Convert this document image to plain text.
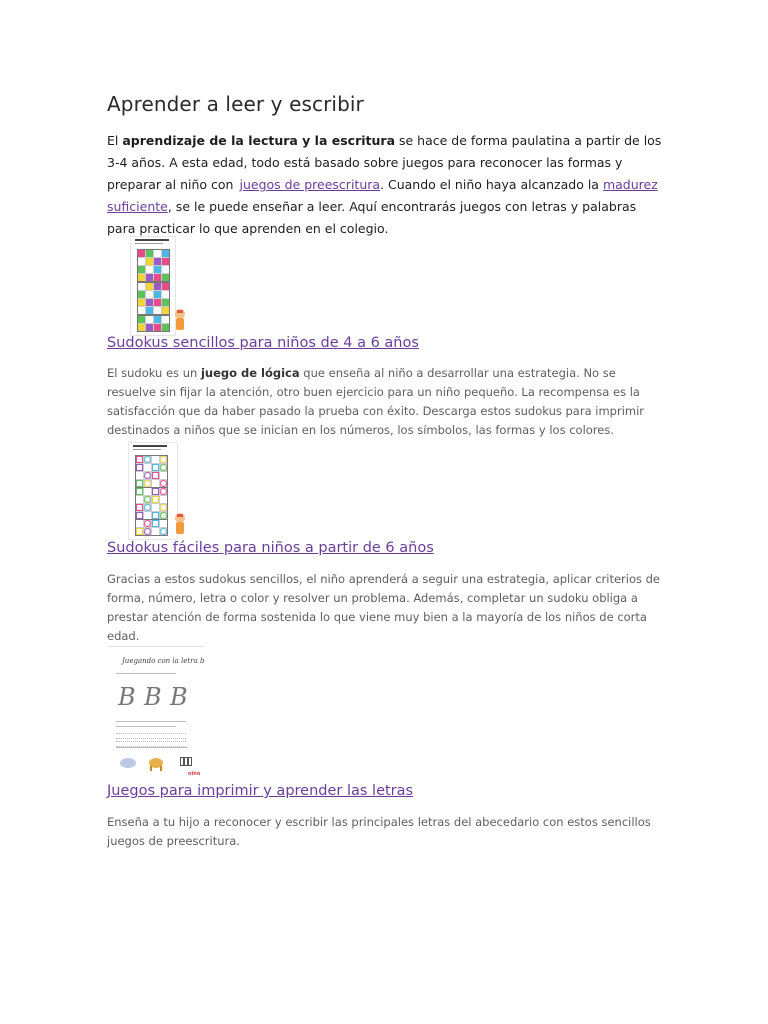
Aprender a leer y escribir

El aprendizaje de la lectura y la escritura se hace de forma paulatina a partir de los 3-4 años. A esta edad, todo está basado sobre juegos para reconocer las formas y preparar al niño con juegos de preescritura. Cuando el niño haya alcanzado la madurez suficiente, se le puede enseñar a leer. Aquí encontrarás juegos con letras y palabras para practicar lo que aprenden en el colegio.

Sudokus sencillos para niños de 4 a 6 años

El sudoku es un juego de lógica que enseña al niño a desarrollar una estrategia. No se resuelve sin fijar la atención, otro buen ejercicio para un niño pequeño. La recompensa es la satisfacción que da haber pasado la prueba con éxito. Descarga estos sudokus para imprimir destinados a niños que se inician en los números, los símbolos, las formas y los colores.

Sudokus fáciles para niños a partir de 6 años

Gracias a estos sudokus sencillos, el niño aprenderá a seguir una estrategia, aplicar criterios de forma, número, letra o color y resolver un problema. Además, completar un sudoku obliga a prestar atención de forma sostenida lo que viene muy bien a la mayoría de los niños de corta edad.

Juegando con la letra b
B B B
niño
Juegos para imprimir y aprender las letras

Enseña a tu hijo a reconocer y escribir las principales letras del abecedario con estos sencillos juegos de preescritura.
